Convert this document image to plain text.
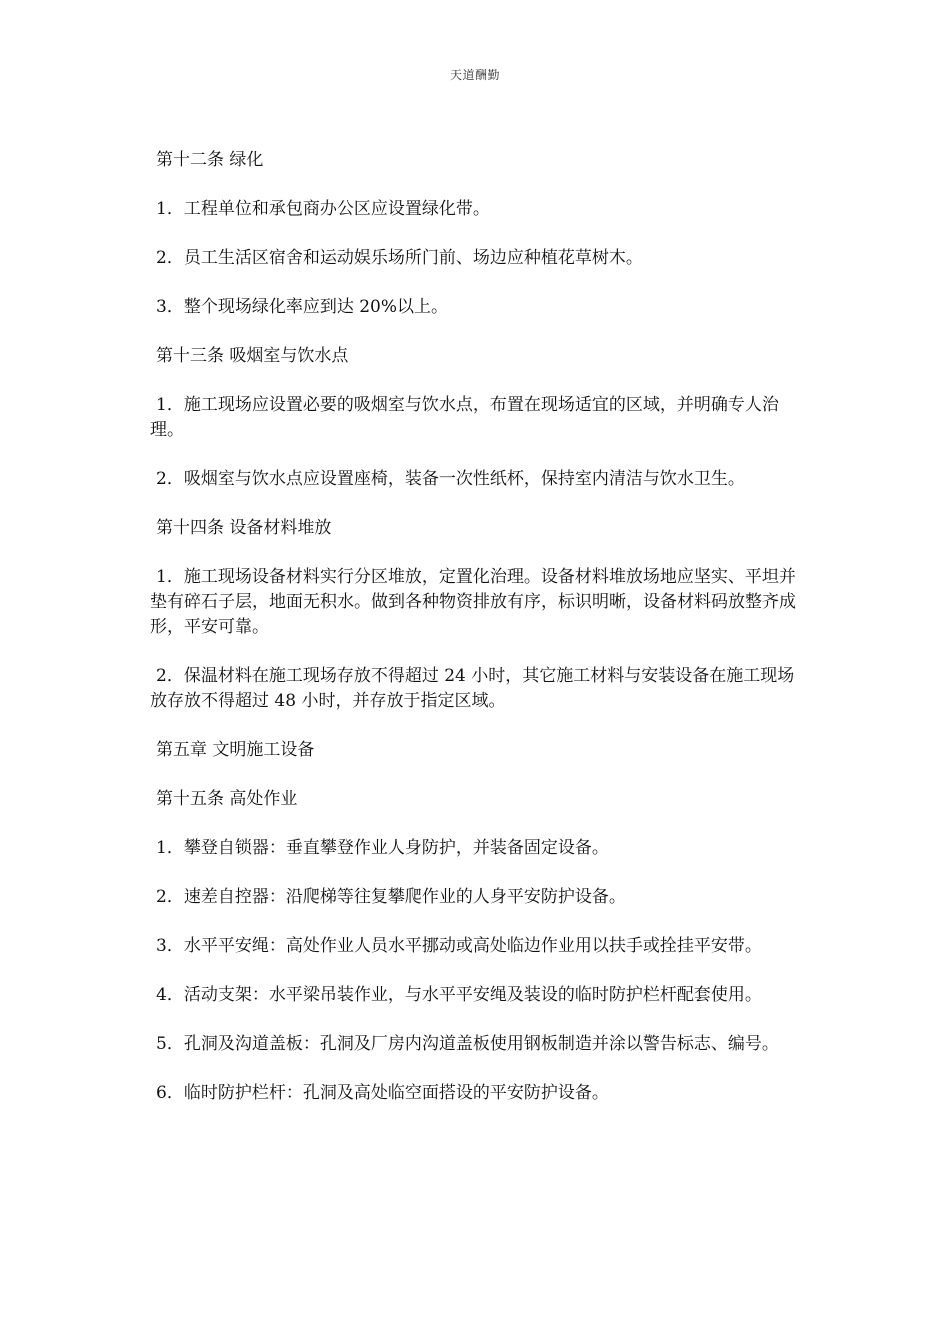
天道酬勤

第十二条 绿化

1．工程单位和承包商办公区应设置绿化带。

2．员工生活区宿舍和运动娱乐场所门前、场边应种植花草树木。

3．整个现场绿化率应到达 20%以上。

第十三条 吸烟室与饮水点

1．施工现场应设置必要的吸烟室与饮水点，布置在现场适宜的区域，并明确专人治理。

2．吸烟室与饮水点应设置座椅，装备一次性纸杯，保持室内清洁与饮水卫生。

第十四条 设备材料堆放

1．施工现场设备材料实行分区堆放，定置化治理。设备材料堆放场地应坚实、平坦并垫有碎石子层，地面无积水。做到各种物资排放有序，标识明晰，设备材料码放整齐成形，平安可靠。

2．保温材料在施工现场存放不得超过 24 小时，其它施工材料与安装设备在施工现场放存放不得超过 48 小时，并存放于指定区域。

第五章 文明施工设备

第十五条 高处作业

1．攀登自锁器：垂直攀登作业人身防护，并装备固定设备。

2．速差自控器：沿爬梯等往复攀爬作业的人身平安防护设备。

3．水平平安绳：高处作业人员水平挪动或高处临边作业用以扶手或拴挂平安带。

4．活动支架：水平梁吊装作业，与水平平安绳及装设的临时防护栏杆配套使用。

5．孔洞及沟道盖板：孔洞及厂房内沟道盖板使用钢板制造并涂以警告标志、编号。

6．临时防护栏杆：孔洞及高处临空面搭设的平安防护设备。
